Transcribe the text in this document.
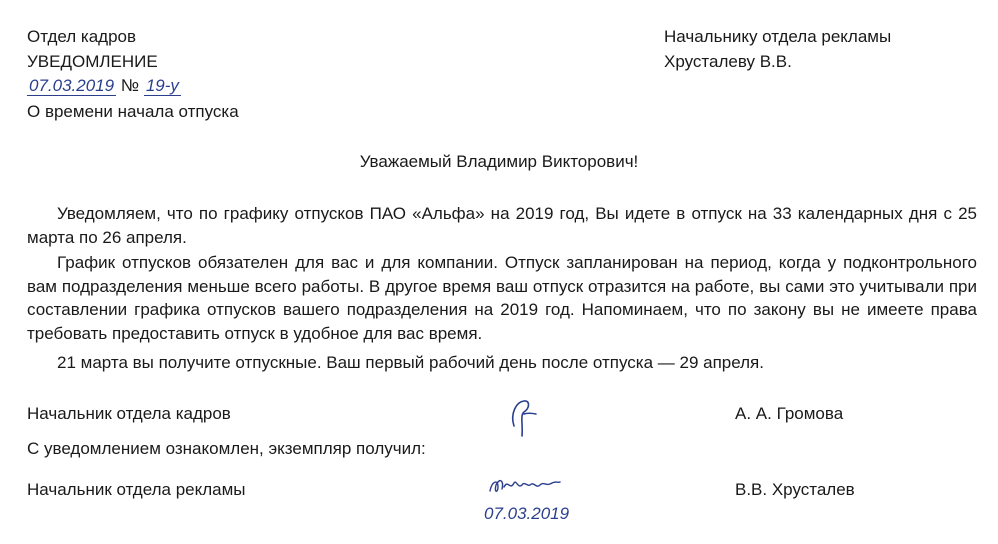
Отдел кадров
УВЕДОМЛЕНИЕ
07.03.2019 № 19-у
О времени начала отпуска
Начальнику отдела рекламы
Хрусталеву В.В.
Уважаемый Владимир Викторович!
Уведомляем, что по графику отпусков ПАО «Альфа» на 2019 год, Вы идете в отпуск на 33 календарных дня с 25 марта по 26 апреля.
График отпусков обязателен для вас и для компании. Отпуск запланирован на период, когда у подконтрольного вам подразделения меньше всего работы. В другое время ваш отпуск отразится на работе, вы сами это учитывали при составлении графика отпусков вашего подразделения на 2019 год. Напоминаем, что по закону вы не имеете права требовать предоставить отпуск в удобное для вас время.
21 марта вы получите отпускные. Ваш первый рабочий день после отпуска — 29 апреля.
Начальник отдела кадров	А. А. Громова
С уведомлением ознакомлен, экземпляр получил:
Начальник отдела рекламы
07.03.2019
В.В. Хрусталев
